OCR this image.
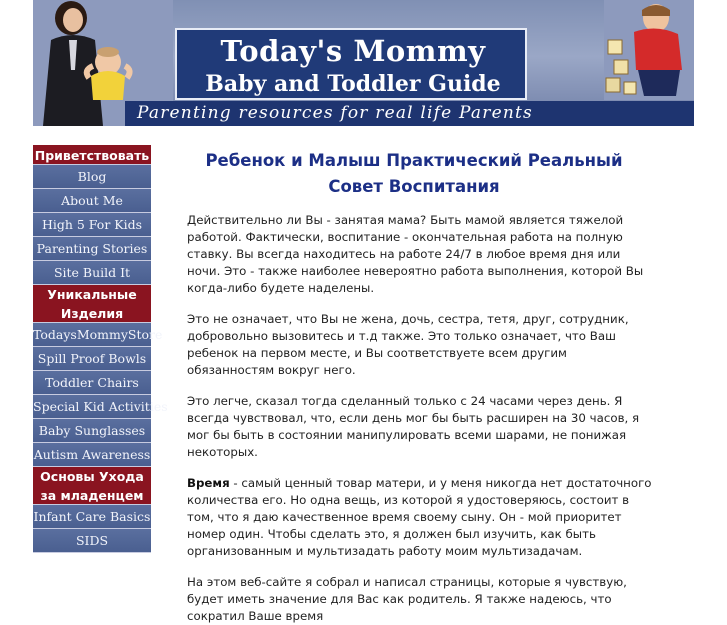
Today's Mommy
Baby and Toddler Guide
Parenting resources for real life Parents
Приветствовать
Blog
About Me
High 5 For Kids
Parenting Stories
Site Build It
Уникальные Изделия
TodaysMommyStore
Spill Proof Bowls
Toddler Chairs
Special Kid Activities
Baby Sunglasses
Autism Awareness
Основы Ухода за младенцем
Infant Care Basics
SIDS
Ребенок и Малыш Практический Реальный Совет Воспитания

Действительно ли Вы - занятая мама? Быть мамой является тяжелой работой. Фактически, воспитание - окончательная работа на полную ставку. Вы всегда находитесь на работе 24/7 в любое время дня или ночи. Это - также наиболее невероятно работа выполнения, которой Вы когда-либо будете наделены.

Это не означает, что Вы не жена, дочь, сестра, тетя, друг, сотрудник, добровольно вызовитесь и т.д также. Это только означает, что Ваш ребенок на первом месте, и Вы соответствуете всем другим обязанностям вокруг него.

Это легче, сказал тогда сделанный только с 24 часами через день. Я всегда чувствовал, что, если день мог бы быть расширен на 30 часов, я мог бы быть в состоянии манипулировать всеми шарами, не понижая некоторых.

Время - самый ценный товар матери, и у меня никогда нет достаточного количества его. Но одна вещь, из которой я удостоверяюсь, состоит в том, что я даю качественное время своему сыну. Он - мой приоритет номер один. Чтобы сделать это, я должен был изучить, как быть организованным и мультизадать работу моим мультизадачам.

На этом веб-сайте я собрал и написал страницы, которые я чувствую, будет иметь значение для Вас как родитель. Я также надеюсь, что сократил Ваше время
